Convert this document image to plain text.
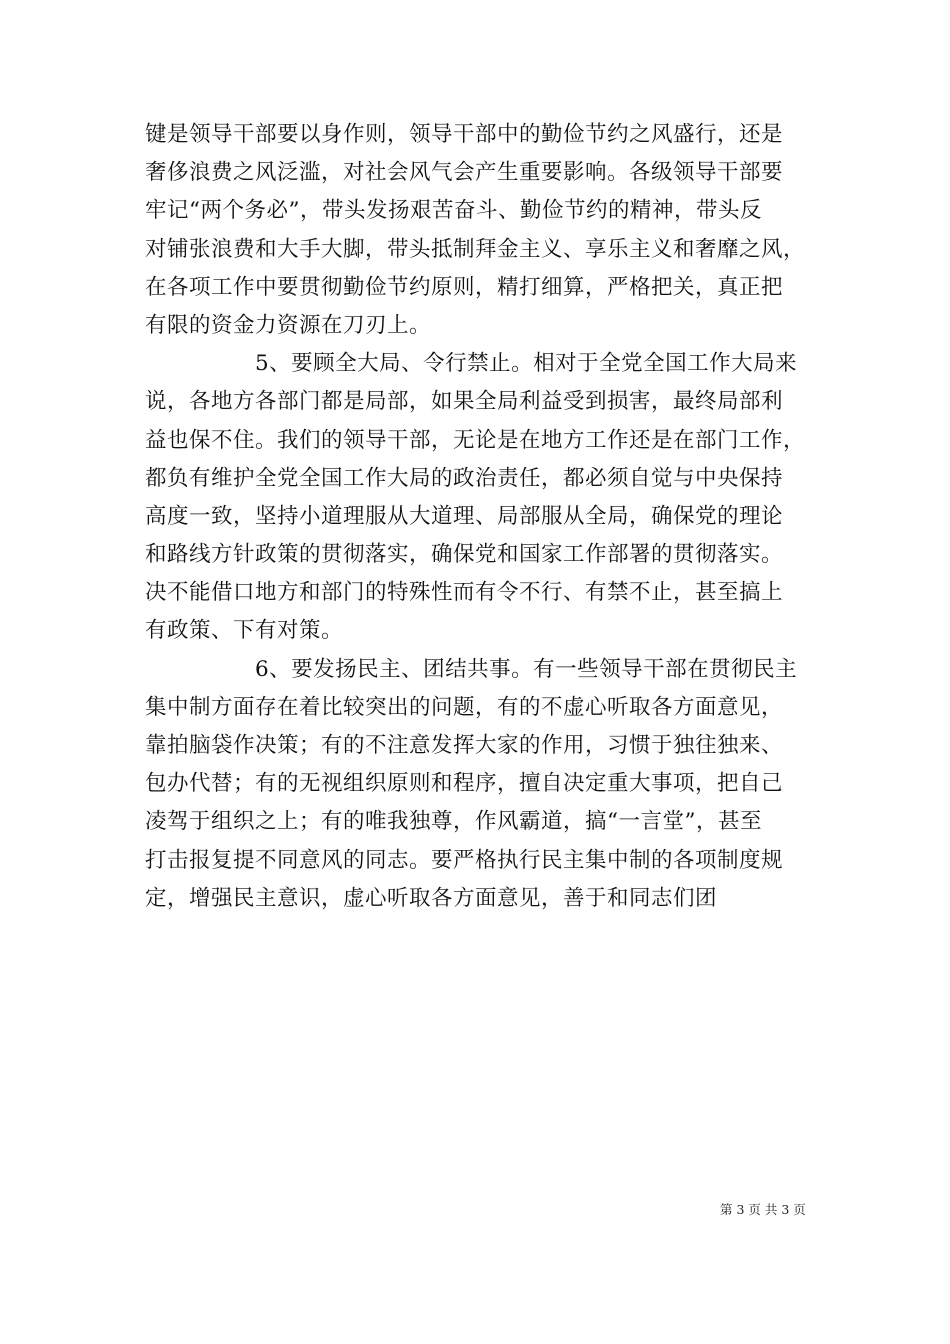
键是领导干部要以身作则，领导干部中的勤俭节约之风盛行，还是
奢侈浪费之风泛滥，对社会风气会产生重要影响。各级领导干部要
牢记“两个务必”，带头发扬艰苦奋斗、勤俭节约的精神，带头反
对铺张浪费和大手大脚，带头抵制拜金主义、享乐主义和奢靡之风，
在各项工作中要贯彻勤俭节约原则，精打细算，严格把关，真正把
有限的资金力资源在刀刃上。
　　　　　5、要顾全大局、令行禁止。相对于全党全国工作大局来
说，各地方各部门都是局部，如果全局利益受到损害，最终局部利
益也保不住。我们的领导干部，无论是在地方工作还是在部门工作，
都负有维护全党全国工作大局的政治责任，都必须自觉与中央保持
高度一致，坚持小道理服从大道理、局部服从全局，确保党的理论
和路线方针政策的贯彻落实，确保党和国家工作部署的贯彻落实。
决不能借口地方和部门的特殊性而有令不行、有禁不止，甚至搞上
有政策、下有对策。
　　　　　6、要发扬民主、团结共事。有一些领导干部在贯彻民主
集中制方面存在着比较突出的问题，有的不虚心听取各方面意见，
靠拍脑袋作决策；有的不注意发挥大家的作用，习惯于独往独来、
包办代替；有的无视组织原则和程序，擅自决定重大事项，把自己
凌驾于组织之上；有的唯我独尊，作风霸道，搞“一言堂”，甚至
打击报复提不同意风的同志。要严格执行民主集中制的各项制度规
定，增强民主意识，虚心听取各方面意见，善于和同志们团
第 3 页 共 3 页
